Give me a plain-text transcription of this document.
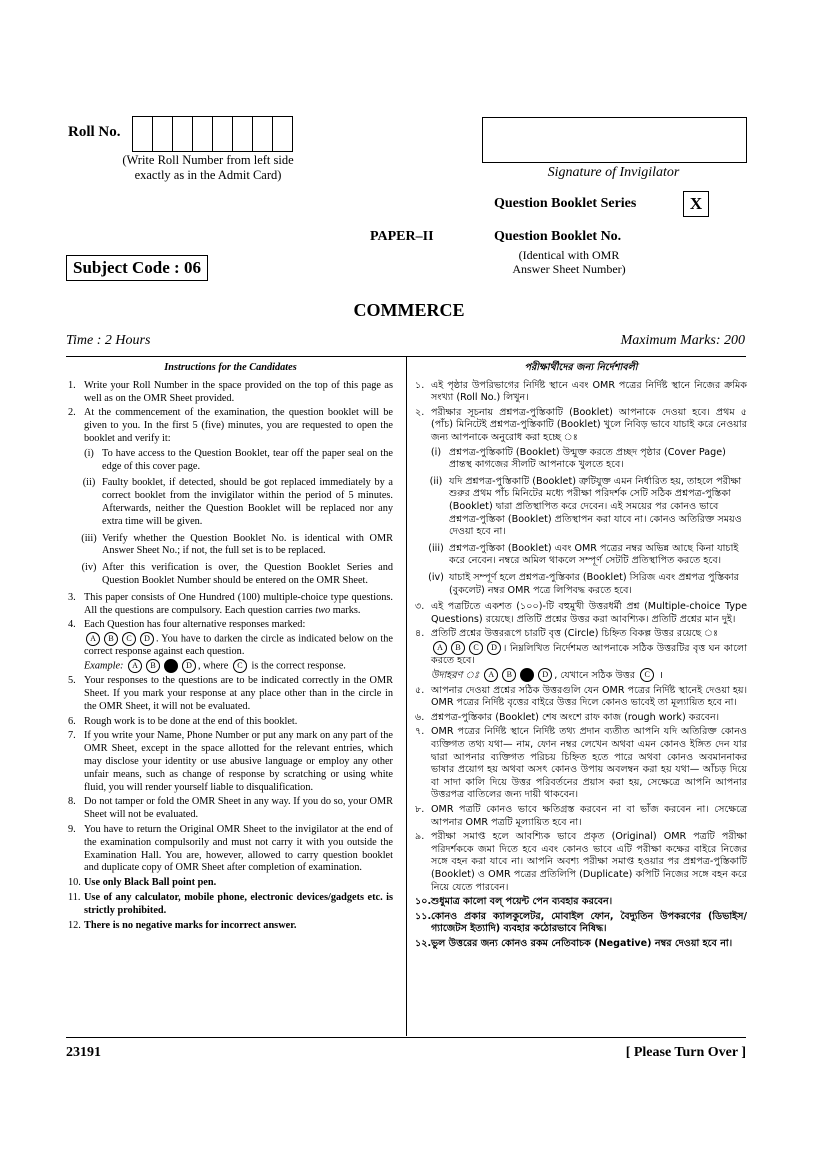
Roll No.
(Write Roll Number from left side
exactly as in the Admit Card)	Signature of Invigilator
Question Booklet Series	X
PAPER–II	Question Booklet No.
(Identical with OMR
Answer Sheet Number)
Subject Code : 06
COMMERCE
Time : 2 Hours	Maximum Marks: 200
Instructions for the Candidates
1. Write your Roll Number in the space provided on the top of this page as well as on the OMR Sheet provided.
2. At the commencement of the examination, the question booklet will be given to you. In the first 5 (five) minutes, you are requested to open the booklet and verify it:
(i) To have access to the Question Booklet, tear off the paper seal on the edge of this cover page.
(ii) Faulty booklet, if detected, should be got replaced immediately by a correct booklet from the invigilator within the period of 5 minutes. Afterwards, neither the Question Booklet will be replaced nor any extra time will be given.
(iii) Verify whether the Question Booklet No. is identical with OMR Answer Sheet No.; if not, the full set is to be replaced.
(iv) After this verification is over, the Question Booklet Series and Question Booklet Number should be entered on the OMR Sheet.
3. This paper consists of One Hundred (100) multiple-choice type questions. All the questions are compulsory. Each question carries two marks.
4. Each Question has four alternative responses marked:
A B C D . You have to darken the circle as indicated below on the correct response against each question.
Example: A B	D , where C is the correct response.
5. Your responses to the questions are to be indicated correctly in the OMR Sheet. If you mark your response at any place other than in the circle in the OMR Sheet, it will not be evaluated.
6. Rough work is to be done at the end of this booklet.
7. If you write your Name, Phone Number or put any mark on any part of the OMR Sheet, except in the space allotted for the relevant entries, which may disclose your identity or use abusive language or employ any other unfair means, such as change of response by scratching or using white fluid, you will render yourself liable to disqualification.
8. Do not tamper or fold the OMR Sheet in any way. If you do so, your OMR Sheet will not be evaluated.
9. You have to return the Original OMR Sheet to the invigilator at the end of the examination compulsorily and must not carry it with you outside the Examination Hall. You are, however, allowed to carry question booklet and duplicate copy of OMR Sheet after completion of examination.
10. Use only Black Ball point pen.
11. Use of any calculator, mobile phone, electronic devices/gadgets etc. is strictly prohibited.
12. There is no negative marks for incorrect answer.
পরীক্ষার্থীদের জন্য নির্দেশাবলী
১. এই পৃষ্ঠার উপরিভাগের নির্দিষ্ট স্থানে এবং OMR পত্রের নির্দিষ্ট স্থানে নিজের ক্রমিক সংখ্যা (Roll No.) লিখুন।
২. পরীক্ষার সূচনায় প্রশ্নপত্র-পুস্তিকাটি (Booklet) আপনাকে দেওয়া হবে। প্রথম ৫ (পাঁচ) মিনিটেই প্রশ্নপত্র-পুস্তিকাটি (Booklet) খুলে নিবিড় ভাবে যাচাই করে নেওয়ার জন্য আপনাকে অনুরোধ করা হচ্ছে ঃ
(i) প্রশ্নপত্র-পুস্তিকাটি (Booklet) উন্মুক্ত করতে প্রচ্ছদ পৃষ্ঠার (Cover Page) প্রান্তস্থ কাগজের সীলটি আপনাকে খুলতে হবে।
(ii) যদি প্রশ্নপত্র-পুস্তিকাটি (Booklet) ত্রুটিযুক্ত এমন নির্ধারিত হয়, তাহলে পরীক্ষা শুরুর প্রথম পাঁচ মিনিটের মধ্যে পরীক্ষা পরিদর্শক সেটি সঠিক প্রশ্নপত্র-পুস্তিকা (Booklet) দ্বারা প্রতিস্থাপিত করে দেবেন। এই সময়ের পর কোনও ভাবে প্রশ্নপত্র-পুস্তিকা (Booklet) প্রতিস্থাপন করা যাবে না। কোনও অতিরিক্ত সময়ও দেওয়া হবে না।
(iii) প্রশ্নপত্র-পুস্তিকা (Booklet) এবং OMR পত্রের নম্বর অভিন্ন আছে কিনা যাচাই করে নেবেন। নম্বরে অমিল থাকলে সম্পূর্ণ সেটটি প্রতিস্থাপিত করতে হবে।
(iv) যাচাই সম্পূর্ণ হলে প্রশ্নপত্র-পুস্তিকার (Booklet) সিরিজ এবং প্রশ্নপত্র পুস্তিকার (বুকলেট) নম্বর OMR পত্রে লিপিবদ্ধ করতে হবে।
৩. এই পত্রটিতে একশত (১০০)-টি বহুমুখী উত্তরধর্মী প্রশ্ন (Multiple-choice Type Questions) রয়েছে। প্রতিটি প্রশ্নের উত্তর করা আবশ্যিক। প্রতিটি প্রশ্নের মান দুই।
৪. প্রতিটি প্রশ্নের উত্তররূপে চারটি বৃত্ত (Circle) চিহ্নিত বিকল্প উত্তর রয়েছে ঃ
A B C D । নিম্নলিখিত নির্দেশমত আপনাকে সঠিক উত্তরটির বৃত্ত ঘন কালো করতে হবে।
উদাহরণ ঃ A B	D , যেখানে সঠিক উত্তর C ।
৫. আপনার দেওয়া প্রশ্নের সঠিক উত্তরগুলি যেন OMR পত্রের নির্দিষ্ট স্থানেই দেওয়া হয়। OMR পত্রের নির্দিষ্ট বৃত্তের বাইরে উত্তর দিলে কোনও ভাবেই তা মূল্যায়িত হবে না।
৬. প্রশ্নপত্র-পুস্তিকার (Booklet) শেষ অংশে রাফ কাজ (rough work) করবেন।
৭. OMR পত্রের নির্দিষ্ট স্থানে নির্দিষ্ট তথ্য প্রদান ব্যতীত আপনি যদি অতিরিক্ত কোনও ব্যক্তিগত তথ্য যথা— নাম, ফোন নম্বর লেখেন অথবা এমন কোনও ইঙ্গিত দেন যার দ্বারা আপনার ব্যক্তিগত পরিচয় চিহ্নিত হতে পারে অথবা কোনও অবমাননাকর ভাষার প্রয়োগ হয় অথবা অসৎ কোনও উপায় অবলম্বন করা হয় যথা— আঁচড় দিয়ে বা সাদা কালি দিয়ে উত্তর পরিবর্তনের প্রয়াস করা হয়, সেক্ষেত্রে আপনি আপনার উত্তরপত্র বাতিলের জন্য দায়ী থাকবেন।
৮. OMR পত্রটি কোনও ভাবে ক্ষতিগ্রস্ত করবেন না বা ভাঁজ করবেন না। সেক্ষেত্রে আপনার OMR পত্রটি মূল্যায়িত হবে না।
৯. পরীক্ষা সমাপ্ত হলে আবশ্যিক ভাবে প্রকৃত (Original) OMR পত্রটি পরীক্ষা পরিদর্শককে জমা দিতে হবে এবং কোনও ভাবে এটি পরীক্ষা কক্ষের বাইরে নিজের সঙ্গে বহন করা যাবে না। আপনি অবশ্য পরীক্ষা সমাপ্ত হওয়ার পর প্রশ্নপত্র-পুস্তিকাটি (Booklet) ও OMR পত্রের প্রতিলিপি (Duplicate) কপিটি নিজের সঙ্গে বহন করে নিয়ে যেতে পারবেন।
১০. শুধুমাত্র কালো বল্‌ পয়েন্ট পেন ব্যবহার করবেন।
১১. কোনও প্রকার ক্যালকুলেটর, মোবাইল ফোন, বৈদ্যুতিন উপকরণের (ডিভাইস/গ্যাজেটস ইত্যাদি) ব্যবহার কঠোরভাবে নিষিদ্ধ।
১২. ভুল উত্তরের জন্য কোনও রকম নেতিবাচক (Negative) নম্বর দেওয়া হবে না।
23191	[ Please Turn Over ]
